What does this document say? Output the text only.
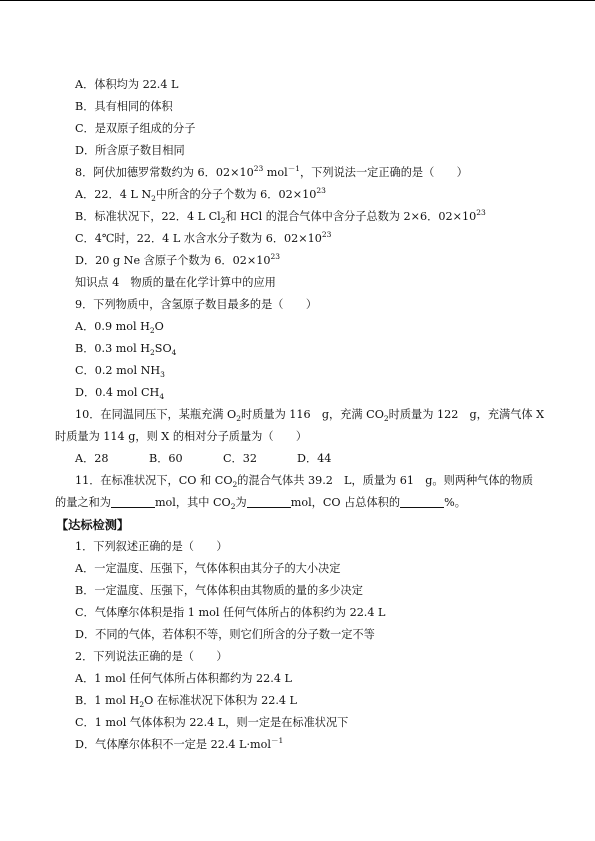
A．体积均为 22.4 L
B．具有相同的体积
C．是双原子组成的分子
D．所含原子数目相同
8．阿伏加德罗常数约为 6．$02\times 10^{23}$ mol$^{-1}$，下列说法一定正确的是（　　）
A．22．4 L $N_2$中所含的分子个数为 6．$02\times 10^{23}$
B．标准状况下，22．4 L $Cl_2$和 HCl 的混合气体中含分子总数为 2×6．$02\times 10^{23}$
C．4℃时，22．4 L 水含水分子数为 6．$02\times 10^{23}$
D．20 g Ne 含原子个数为 6．$02\times 10^{23}$
知识点 4　物质的量在化学计算中的应用
9．下列物质中，含氢原子数目最多的是（　　）
A．0.9 mol $H_2O$
B．0.3 mol $H_2SO_4$
C．0.2 mol $NH_3$
D．0.4 mol $CH_4$
10．在同温同压下，某瓶充满 $O_2$时质量为 116　g，充满 $CO_2$时质量为 122　g，充满气体 X
时质量为 114 g，则 X 的相对分子质量为（　　）
A．28	B．60	C．32	D．44
11．在标准状况下，CO 和 $CO_2$的混合气体共 39.2　L，质量为 61　g。则两种气体的物质
的量之和为	mol，其中 $CO_2$为	mol，CO 占总体积的	%。
【达标检测】
1．下列叙述正确的是（　　）
A．一定温度、压强下，气体体积由其分子的大小决定
B．一定温度、压强下，气体体积由其物质的量的多少决定
C．气体摩尔体积是指 1 mol 任何气体所占的体积约为 22.4 L
D．不同的气体，若体积不等，则它们所含的分子数一定不等
2．下列说法正确的是（　　）
A．1 mol 任何气体所占体积都约为 22.4 L
B．1 mol $H_2O$ 在标准状况下体积为 22.4 L
C．1 mol 气体体积为 22.4 L，则一定是在标准状况下
D．气体摩尔体积不一定是 22.4 L·mol$^{-1}$
